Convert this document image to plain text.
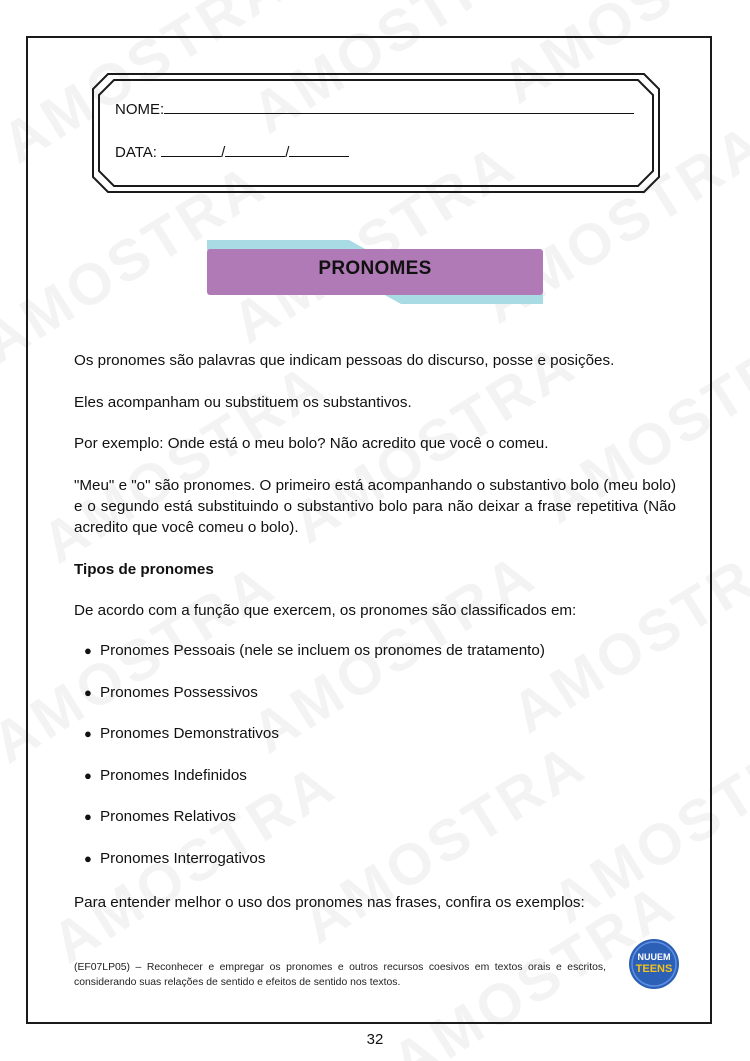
NOME:
DATA:	/	/
PRONOMES
Os pronomes são palavras que indicam pessoas do discurso, posse e posições.
Eles acompanham ou substituem os substantivos.
Por exemplo: Onde está o meu bolo? Não acredito que você o comeu.
"Meu" e "o" são pronomes. O primeiro está acompanhando o substantivo bolo (meu bolo) e o segundo está substituindo o substantivo bolo para não deixar a frase repetitiva (Não acredito que você comeu o bolo).
Tipos de pronomes
De acordo com a função que exercem, os pronomes são classificados em:
● Pronomes Pessoais (nele se incluem os pronomes de tratamento)
● Pronomes Possessivos
● Pronomes Demonstrativos
● Pronomes Indefinidos
● Pronomes Relativos
● Pronomes Interrogativos
Para entender melhor o uso dos pronomes nas frases, confira os exemplos:
(EF07LP05) – Reconhecer e empregar os pronomes e outros recursos coesivos em textos orais e escritos, considerando suas relações de sentido e efeitos de sentido nos textos.
NUUEM
TEENS
32
